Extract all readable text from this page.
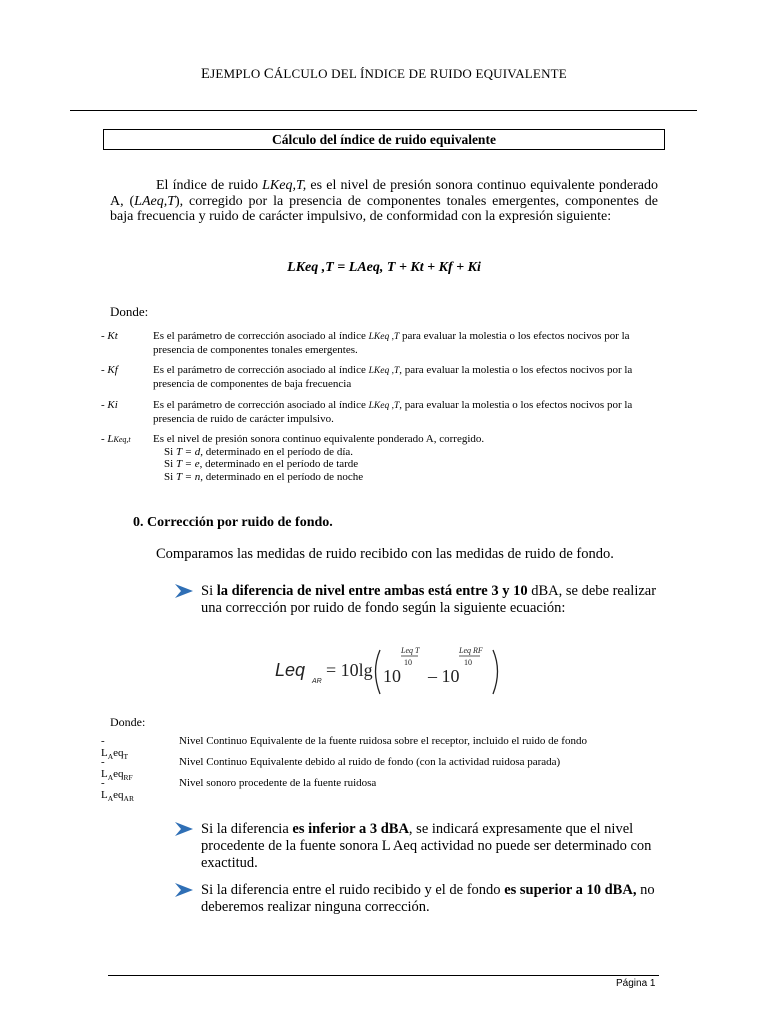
EJEMPLO CÁLCULO DEL ÍNDICE DE RUIDO EQUIVALENTE
Cálculo del índice de ruido equivalente
El índice de ruido LKeq,T, es el nivel de presión sonora continuo equivalente ponderado A, (LAeq,T), corregido por la presencia de componentes tonales emergentes, componentes de baja frecuencia y ruido de carácter impulsivo, de conformidad con la expresión siguiente:
LKeq ,T = LAeq, T + Kt + Kf + Ki
Donde:
- Kt	Es el parámetro de corrección asociado al índice LKeq ,T para evaluar la molestia o los efectos nocivos por la presencia de componentes tonales emergentes.
- Kf	Es el parámetro de corrección asociado al índice LKeq ,T, para evaluar la molestia o los efectos nocivos por la presencia de componentes de baja frecuencia
- Ki	Es el parámetro de corrección asociado al índice LKeq ,T, para evaluar la molestia o los efectos nocivos por la presencia de ruido de carácter impulsivo.
- LKeq,t Es el nivel de presión sonora continuo equivalente ponderado A, corregido.
Si T = d, determinado en el período de día.
Si T = e, determinado en el período de tarde
Si T = n, determinado en el período de noche
0. Corrección por ruido de fondo.
Comparamos las medidas de ruido recibido con las medidas de ruido de fondo.
Si la diferencia de nivel entre ambas está entre 3 y 10 dBA, se debe realizar una corrección por ruido de fondo según la siguiente ecuación:
Leq
AR
= 10lg 10
Leq T
10
– 10
Leq RF
10
Donde:
- $L_Aeq_T$
Nivel Continuo Equivalente de la fuente ruidosa sobre el receptor, incluido el ruido de fondo
- $L_Aeq_{RF}$
Nivel Continuo Equivalente debido al ruido de fondo (con la actividad ruidosa parada)
- $L_Aeq_{AR}$
Nivel sonoro procedente de la fuente ruidosa
Si la diferencia es inferior a 3 dBA, se indicará expresamente que el nivel procedente de la fuente sonora L Aeq actividad no puede ser determinado con exactitud.
Si la diferencia entre el ruido recibido y el de fondo es superior a 10 dBA, no deberemos realizar ninguna corrección.
Página 1
